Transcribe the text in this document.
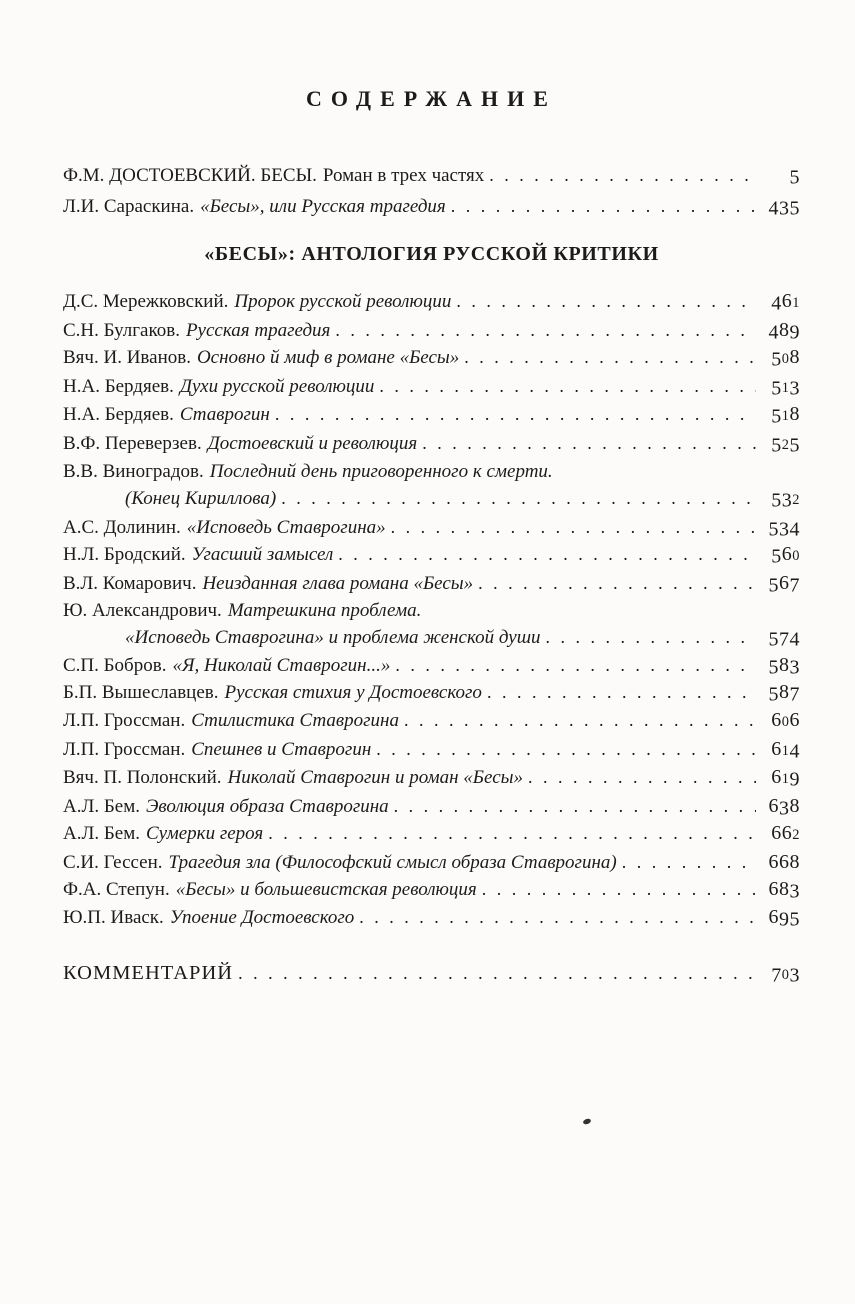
СОДЕРЖАНИЕ
Ф.М. ДОСТОЕВСКИЙ. БЕСЫ. Роман в трех частях . . .	5
Л.И. Сараскина. «Бесы», или Русская трагедия . . .	435
«БЕСЫ»: АНТОЛОГИЯ РУССКОЙ КРИТИКИ
Д.С. Мережковский. Пророк русской революции . . .	461
С.Н. Булгаков. Русская трагедия . . .	489
Вяч. И. Иванов. Основно й миф в романе «Бесы» . . .	508
Н.А. Бердяев. Духи русской революции . . .	513
Н.А. Бердяев. Ставрогин . . .	518
В.Ф. Переверзев. Достоевский и революция . . .	525
В.В. Виноградов. Последний день приговоренного к смерти.
(Конец Кириллова) . . .	532
А.С. Долинин. «Исповедь Ставрогина» . . .	534
Н.Л. Бродский. Угасший замысел . . .	560
В.Л. Комарович. Неизданная глава романа «Бесы» . . .	567
Ю. Александрович. Матрешкина проблема.
«Исповедь Ставрогина» и проблема женской души . . .	574
С.П. Бобров. «Я, Николай Ставрогин...» . . .	583
Б.П. Вышеславцев. Русская стихия у Достоевского . . .	587
Л.П. Гроссман. Стилистика Ставрогина . . .	606
Л.П. Гроссман. Спешнев и Ставрогин . . .	614
Вяч. П. Полонский. Николай Ставрогин и роман «Бесы» . . .	619
А.Л. Бем. Эволюция образа Ставрогина . . .	638
А.Л. Бем. Сумерки героя . . .	662
С.И. Гессен. Трагедия зла (Философский смысл образа Ставрогина) . . .	668
Ф.А. Степун. «Бесы» и большевистская революция . . .	683
Ю.П. Иваск. Упоение Достоевского . . .	695
КОММЕНТАРИЙ . . .	703
